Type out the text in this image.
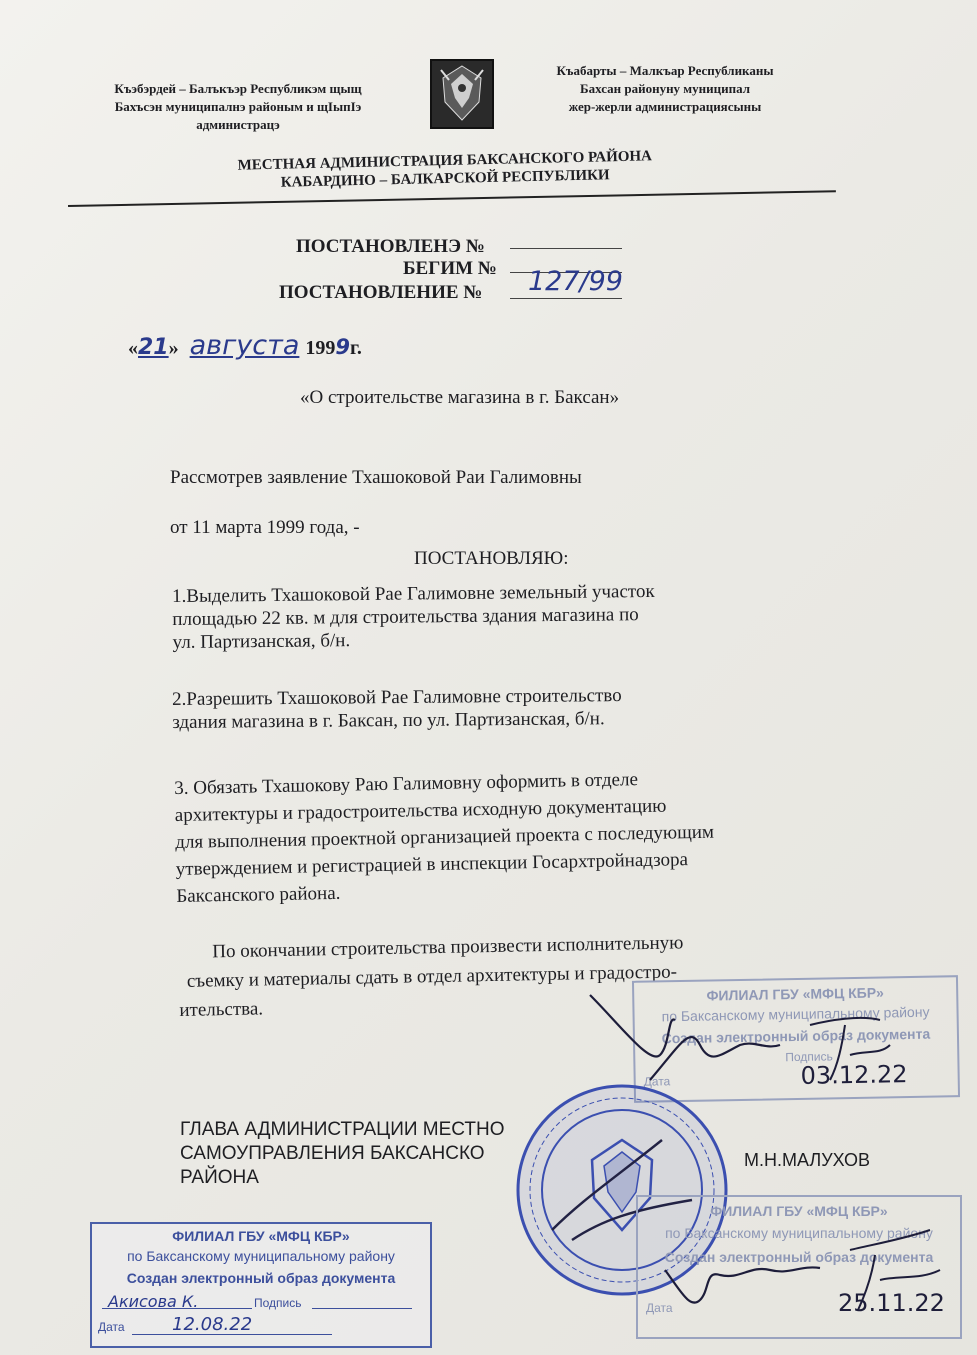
Къэбэрдей – Балъкъэр Республикэм щыщ
Бахъсэн муниципалнэ районым и щIыпIэ
администрацэ
Къабарты – Малкъар Республиканы
Бахсан районуну муниципал
жер-жерли администрациясыны
МЕСТНАЯ АДМИНИСТРАЦИЯ БАКСАНСКОГО РАЙОНА
КАБАРДИНО – БАЛКАРСКОЙ РЕСПУБЛИКИ
ПОСТАНОВЛЕНЭ №
БЕГИМ №
ПОСТАНОВЛЕНИЕ № 127/99
«21» августа 1999г.
«О строительстве магазина в г. Баксан»
Рассмотрев заявление Тхашоковой Раи Галимовны
от 11 марта 1999 года, -
ПОСТАНОВЛЯЮ:
1.Выделить Тхашоковой Рае Галимовне земельный участок
площадью 22 кв. м для строительства здания магазина по
ул. Партизанская, б/н.
2.Разрешить Тхашоковой Рае Галимовне строительство
здания магазина в г. Баксан, по ул. Партизанская, б/н.
3. Обязать Тхашокову Раю Галимовну оформить в отделе
архитектуры и градостроительства исходную документацию
для выполнения проектной организацией проекта с последующим
утверждением и регистрацией в инспекции Госархтройнадзора
Баксанского района.
По окончании строительства произвести исполнительную
съемку и материалы сдать в отдел архитектуры и градостро-
ительства.
ФИЛИАЛ ГБУ «МФЦ КБР»
по Баксанскому муниципальному району
Создан электронный образ документа
Подпись
Дата	03.12.22
ГЛАВА АДМИНИСТРАЦИИ МЕСТНО
САМОУПРАВЛЕНИЯ БАКСАНСКО
РАЙОНА
М.Н.МАЛУХОВ
ФИЛИАЛ ГБУ «МФЦ КБР»
по Баксанскому муниципальному району
Создан электронный образ документа
Дата	25.11.22
ФИЛИАЛ ГБУ «МФЦ КБР»
по Баксанскому муниципальному району
Создан электронный образ документа
Акисова К.	Подпись
Дата	12.08.22
